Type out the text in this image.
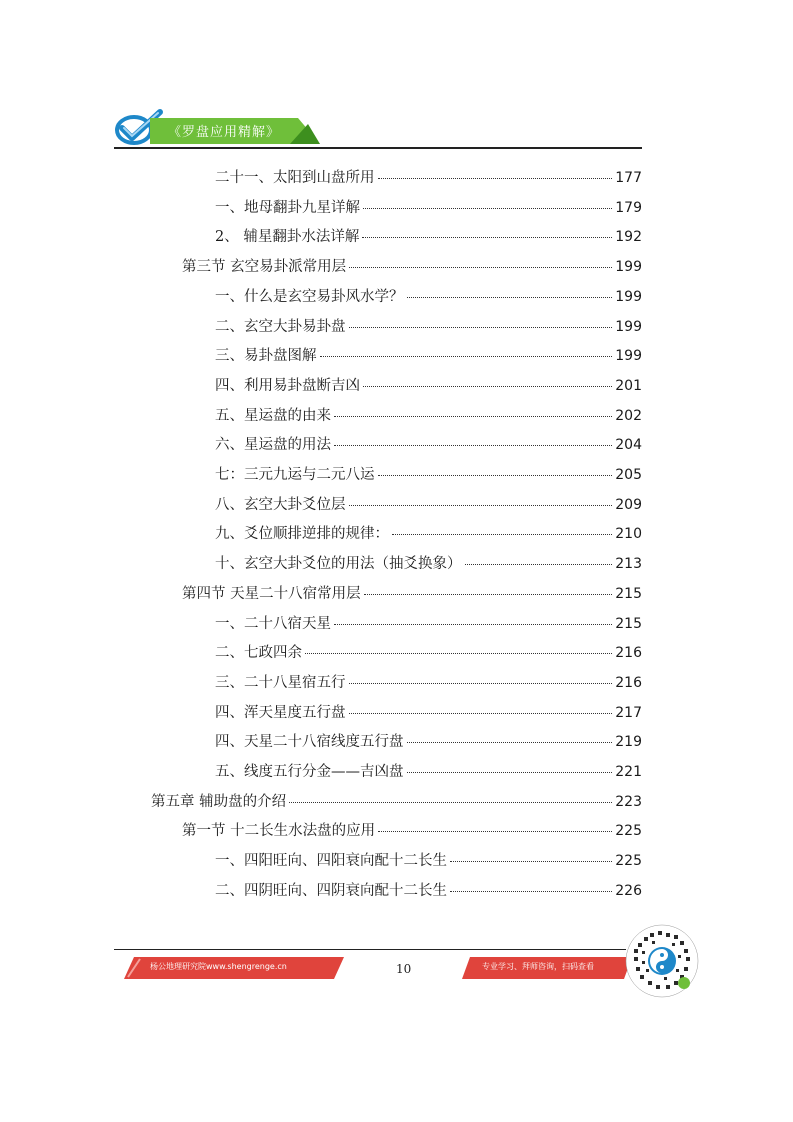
《罗盘应用精解》
二十一、太阳到山盘所用	177
一、地母翻卦九星详解	179
2、 辅星翻卦水法详解	192
第三节 玄空易卦派常用层	199
一、什么是玄空易卦风水学？	199
二、玄空大卦易卦盘	199
三、易卦盘图解	199
四、利用易卦盘断吉凶	201
五、星运盘的由来	202
六、星运盘的用法	204
七：三元九运与二元八运	205
八、玄空大卦爻位层	209
九、爻位顺排逆排的规律：	210
十、玄空大卦爻位的用法（抽爻换象）	213
第四节 天星二十八宿常用层	215
一、二十八宿天星	215
二、七政四余	216
三、二十八星宿五行	216
四、浑天星度五行盘	217
四、天星二十八宿线度五行盘	219
五、线度五行分金——吉凶盘	221
第五章 辅助盘的介绍	223
第一节 十二长生水法盘的应用	225
一、四阳旺向、四阳衰向配十二长生	225
二、四阴旺向、四阴衰向配十二长生	226
杨公地理研究院www.shengrenge.cn	10	专业学习、拜师咨询，扫码查看
